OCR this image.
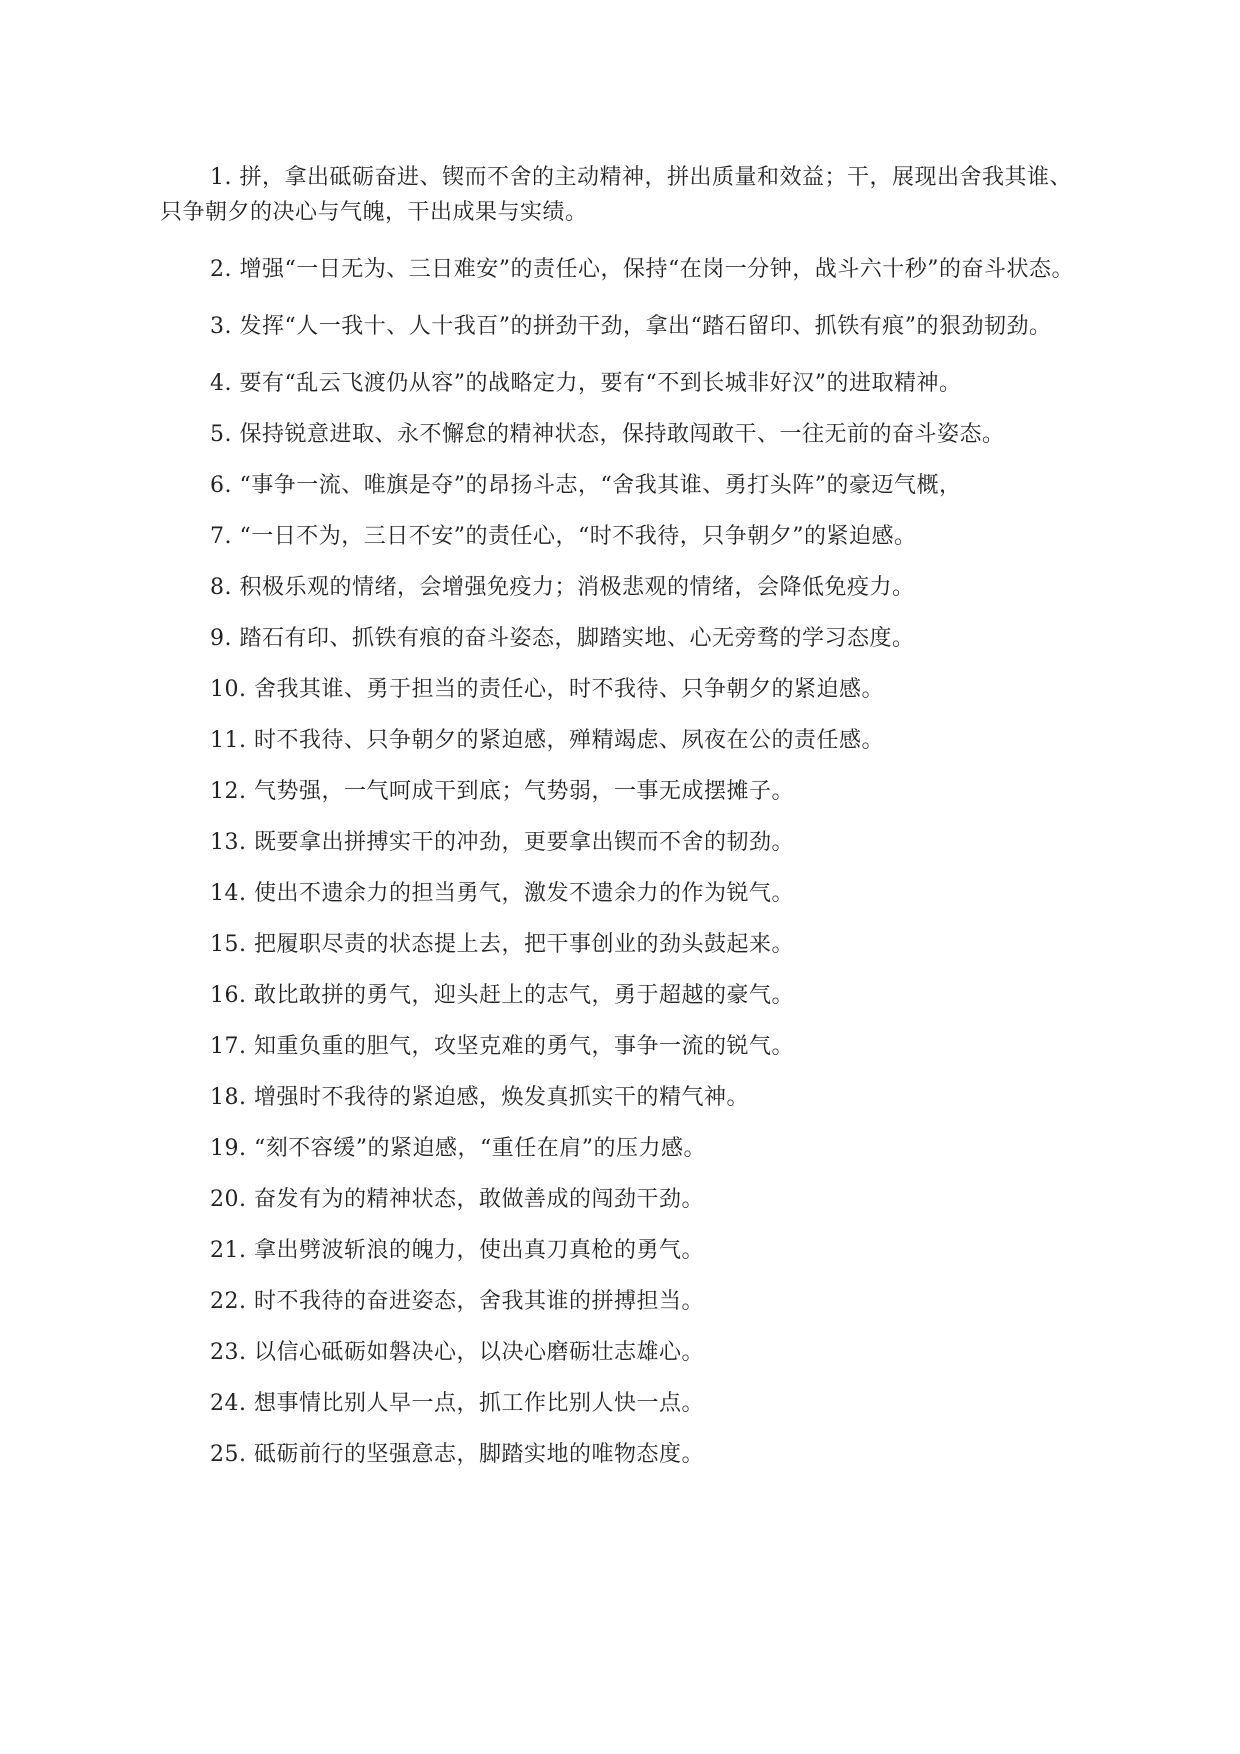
1. 拼，拿出砥砺奋进、锲而不舍的主动精神，拼出质量和效益；干，展现出舍我其谁、只争朝夕的决心与气魄，干出成果与实绩。

2. 增强“一日无为、三日难安”的责任心，保持“在岗一分钟，战斗六十秒”的奋斗状态。

3. 发挥“人一我十、人十我百”的拼劲干劲，拿出“踏石留印、抓铁有痕”的狠劲韧劲。

4. 要有“乱云飞渡仍从容”的战略定力，要有“不到长城非好汉”的进取精神。

5. 保持锐意进取、永不懈怠的精神状态，保持敢闯敢干、一往无前的奋斗姿态。

6. “事争一流、唯旗是夺”的昂扬斗志，“舍我其谁、勇打头阵”的豪迈气概，

7. “一日不为，三日不安”的责任心，“时不我待，只争朝夕”的紧迫感。

8. 积极乐观的情绪，会增强免疫力；消极悲观的情绪，会降低免疫力。

9. 踏石有印、抓铁有痕的奋斗姿态，脚踏实地、心无旁骛的学习态度。

10. 舍我其谁、勇于担当的责任心，时不我待、只争朝夕的紧迫感。

11. 时不我待、只争朝夕的紧迫感，殚精竭虑、夙夜在公的责任感。

12. 气势强，一气呵成干到底；气势弱，一事无成摆摊子。

13. 既要拿出拼搏实干的冲劲，更要拿出锲而不舍的韧劲。

14. 使出不遗余力的担当勇气，激发不遗余力的作为锐气。

15. 把履职尽责的状态提上去，把干事创业的劲头鼓起来。

16. 敢比敢拼的勇气，迎头赶上的志气，勇于超越的豪气。

17. 知重负重的胆气，攻坚克难的勇气，事争一流的锐气。

18. 增强时不我待的紧迫感，焕发真抓实干的精气神。

19. “刻不容缓”的紧迫感，“重任在肩”的压力感。

20. 奋发有为的精神状态，敢做善成的闯劲干劲。

21. 拿出劈波斩浪的魄力，使出真刀真枪的勇气。

22. 时不我待的奋进姿态，舍我其谁的拼搏担当。

23. 以信心砥砺如磐决心，以决心磨砺壮志雄心。

24. 想事情比别人早一点，抓工作比别人快一点。

25. 砥砺前行的坚强意志，脚踏实地的唯物态度。
